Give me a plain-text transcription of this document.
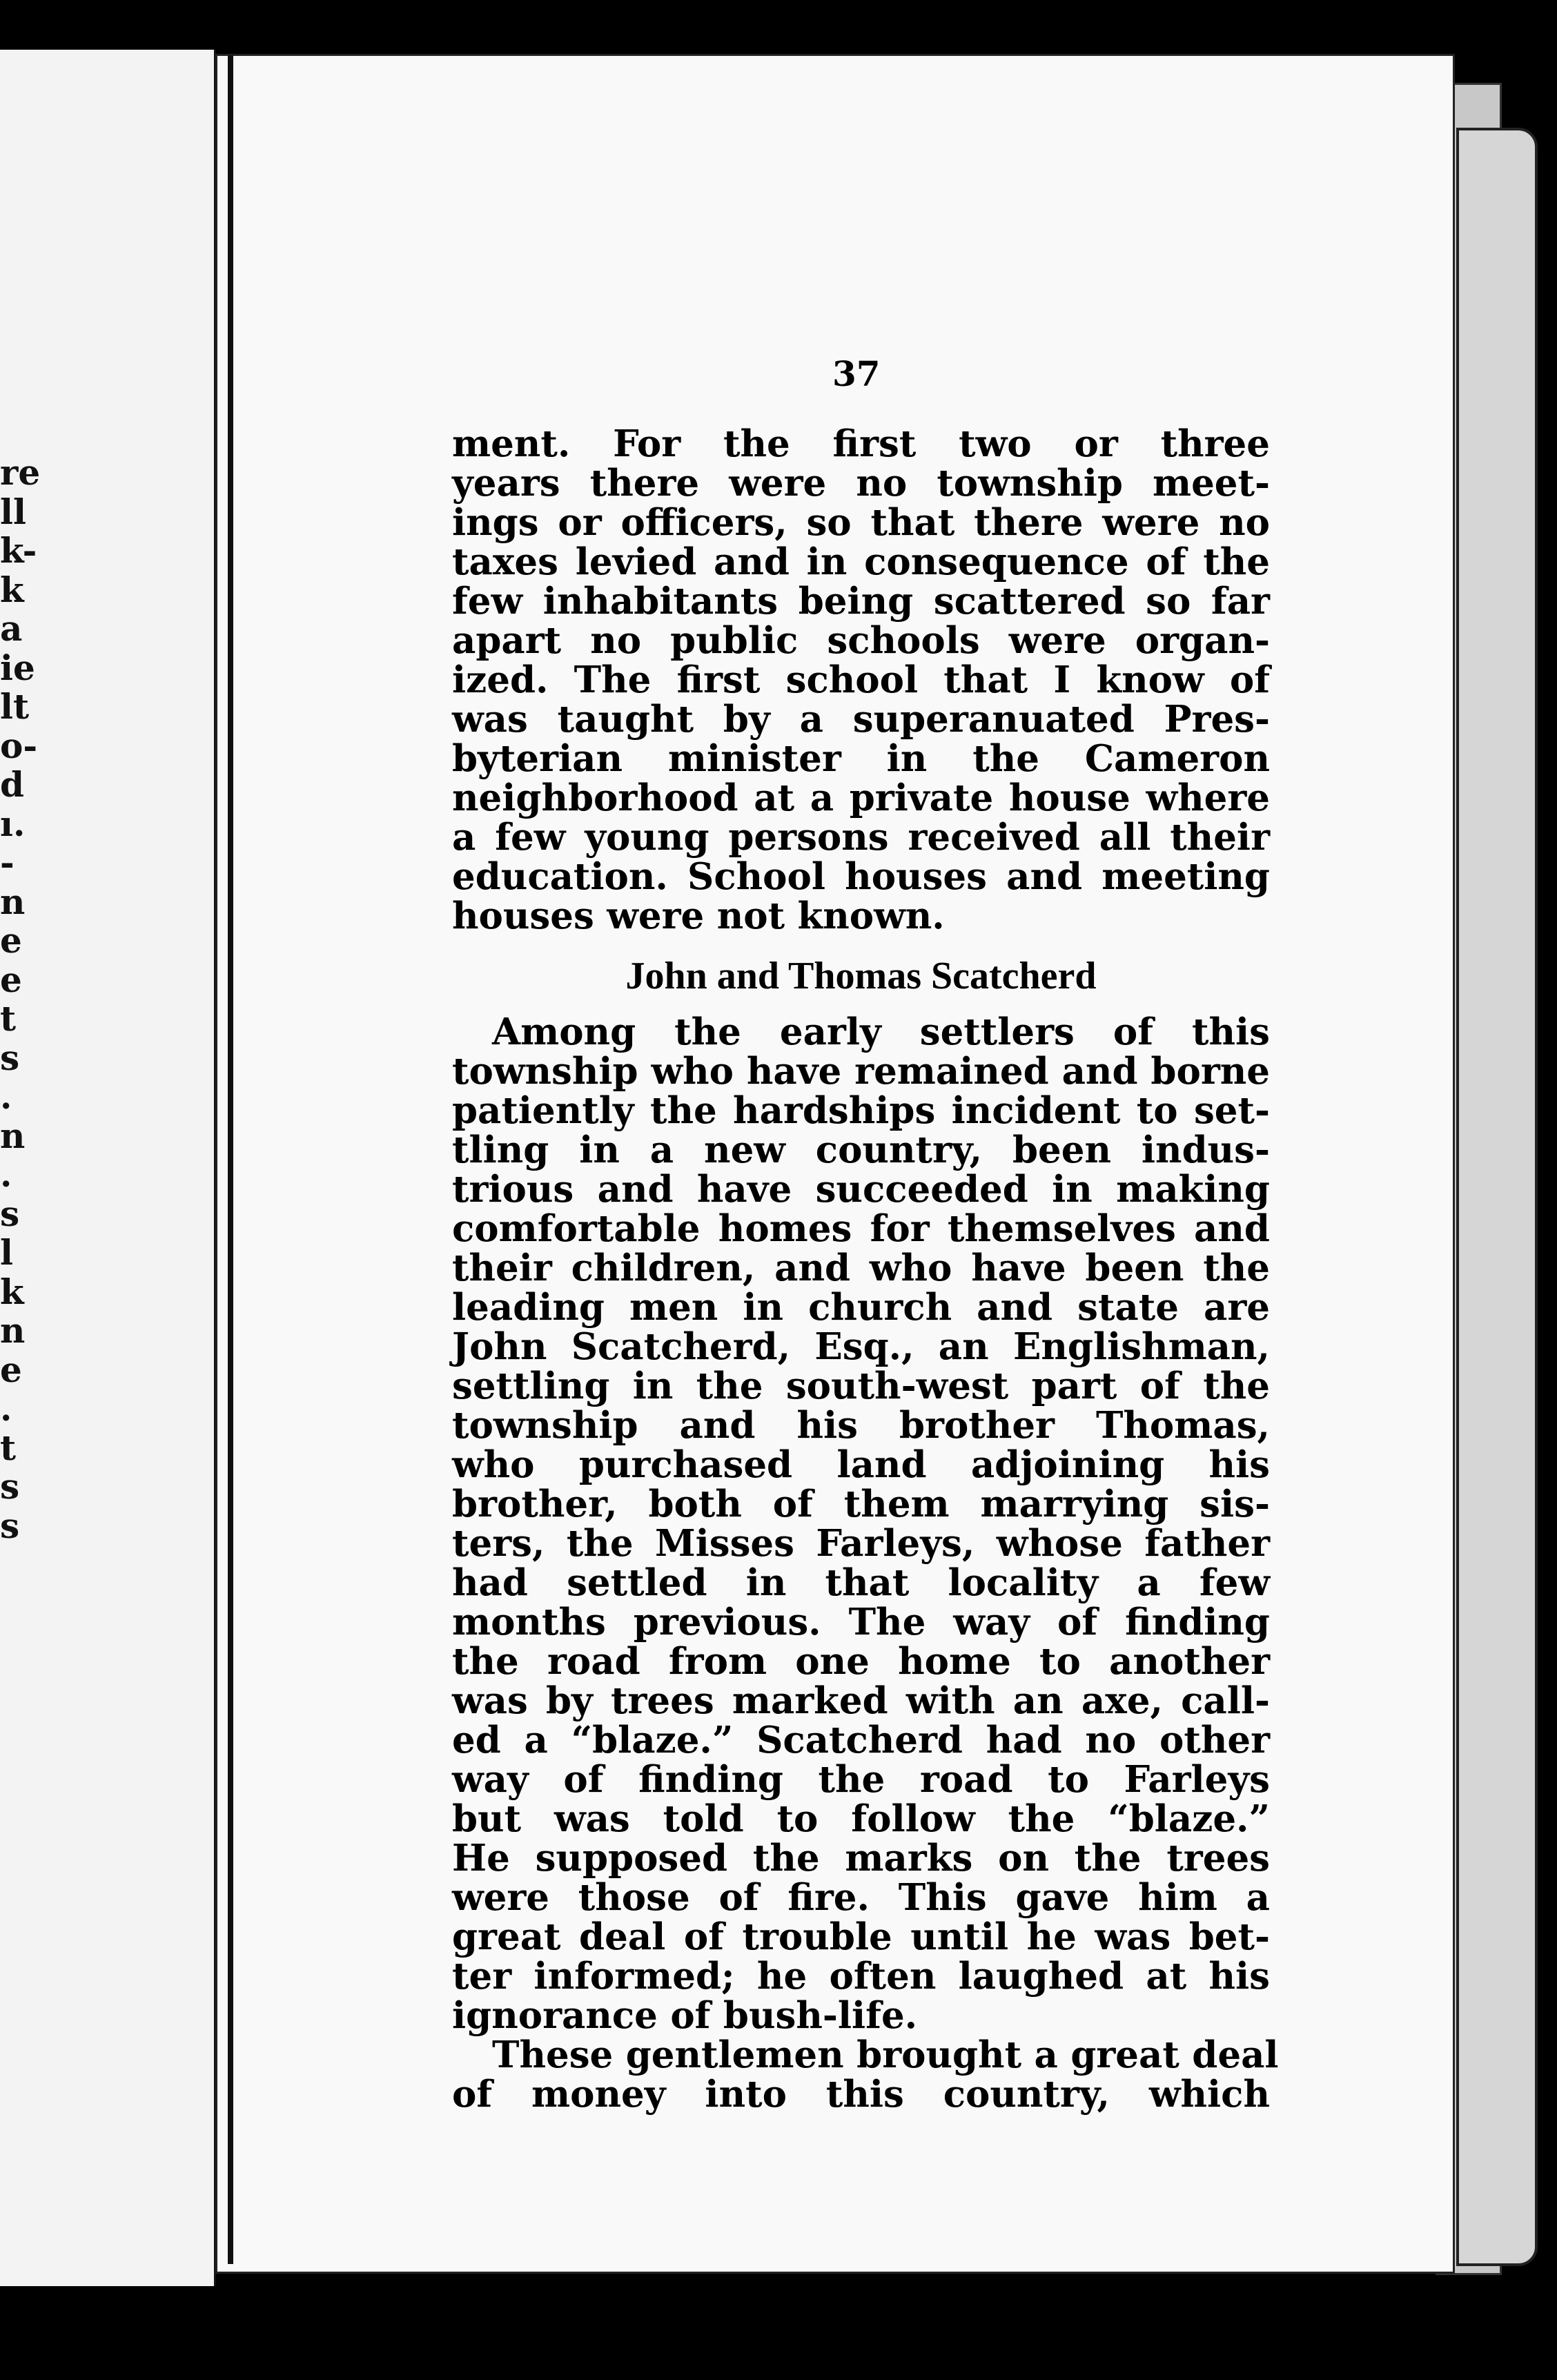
re
ll
k-
k
a
ie
lt
o-
d
ı.
-
n
e
e
t
s
.
n
.
s
l
k
n
e
.
t
s
s
37
ment. For the first two or three
years there were no township meet-
ings or officers, so that there were no
taxes levied and in consequence of the
few inhabitants being scattered so far
apart no public schools were organ-
ized. The first school that I know of
was taught by a superanuated Pres-
byterian minister in the Cameron
neighborhood at a private house where
a few young persons received all their
education. School houses and meeting
houses were not known.
John and Thomas Scatcherd
Among the early settlers of this
township who have remained and borne
patiently the hardships incident to set-
tling in a new country, been indus-
trious and have succeeded in making
comfortable homes for themselves and
their children, and who have been the
leading men in church and state are
John Scatcherd, Esq., an Englishman,
settling in the south-west part of the
township and his brother Thomas,
who purchased land adjoining his
brother, both of them marrying sis-
ters, the Misses Farleys, whose father
had settled in that locality a few
months previous. The way of finding
the road from one home to another
was by trees marked with an axe, call-
ed a “blaze.” Scatcherd had no other
way of finding the road to Farleys
but was told to follow the “blaze.”
He supposed the marks on the trees
were those of fire. This gave him a
great deal of trouble until he was bet-
ter informed; he often laughed at his
ignorance of bush-life.
These gentlemen brought a great deal
of money into this country, which
